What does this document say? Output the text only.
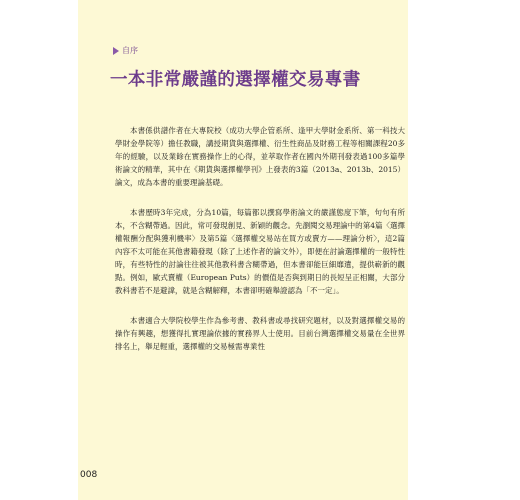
自序
一本非常嚴謹的選擇權交易專書

本書係供譜作者在大專院校（成功大學企管系所、逢甲大學財金系所、第一科技大學財金學院等）擔任教職，講授期貨與選擇權、衍生性商品及財務工程等相關課程20多年的經驗，以及業餘在實務操作上的心得，並萃取作者在國內外期刊發表過100多篇學術論文的精華，其中在《期貨與選擇權學刊》上發表的3篇（2013a、2013b、2015）論文，成為本書的重要理論基礎。

本書歷時3年完成，分為10篇，每篇都以撰寫學術論文的嚴謹態度下筆，句句有所本，不含糊帶過。因此，常可發現創見、新穎的觀念。先瀏閱交易理論中的第4篇〈選擇權報酬分配與獲利機率〉及第5篇〈選擇權交易站在買方或賣方——理論分析〉，這2篇內容不太可能在其他書籍發現（除了上述作者的論文外），即便在討論選擇權的一般特性時，有些特性的討論往往被其他教科書含糊帶過，但本書卻能巨細靡遺，提供嶄新的觀點。例如，歐式賣權（European Puts）的價值是否與到期日的長短呈正相關，大部分教科書若不是避諱，就是含糊解釋，本書卻明確舉證認為「不一定」。

本書適合大學院校學生作為參考書、教科書或尋找研究題材，以及對選擇權交易的操作有興趣，想獲得扎實理論依據的實務界人士使用。目前台灣選擇權交易量在全世界排名上，舉足輕重，選擇權的交易極需專業性

008
